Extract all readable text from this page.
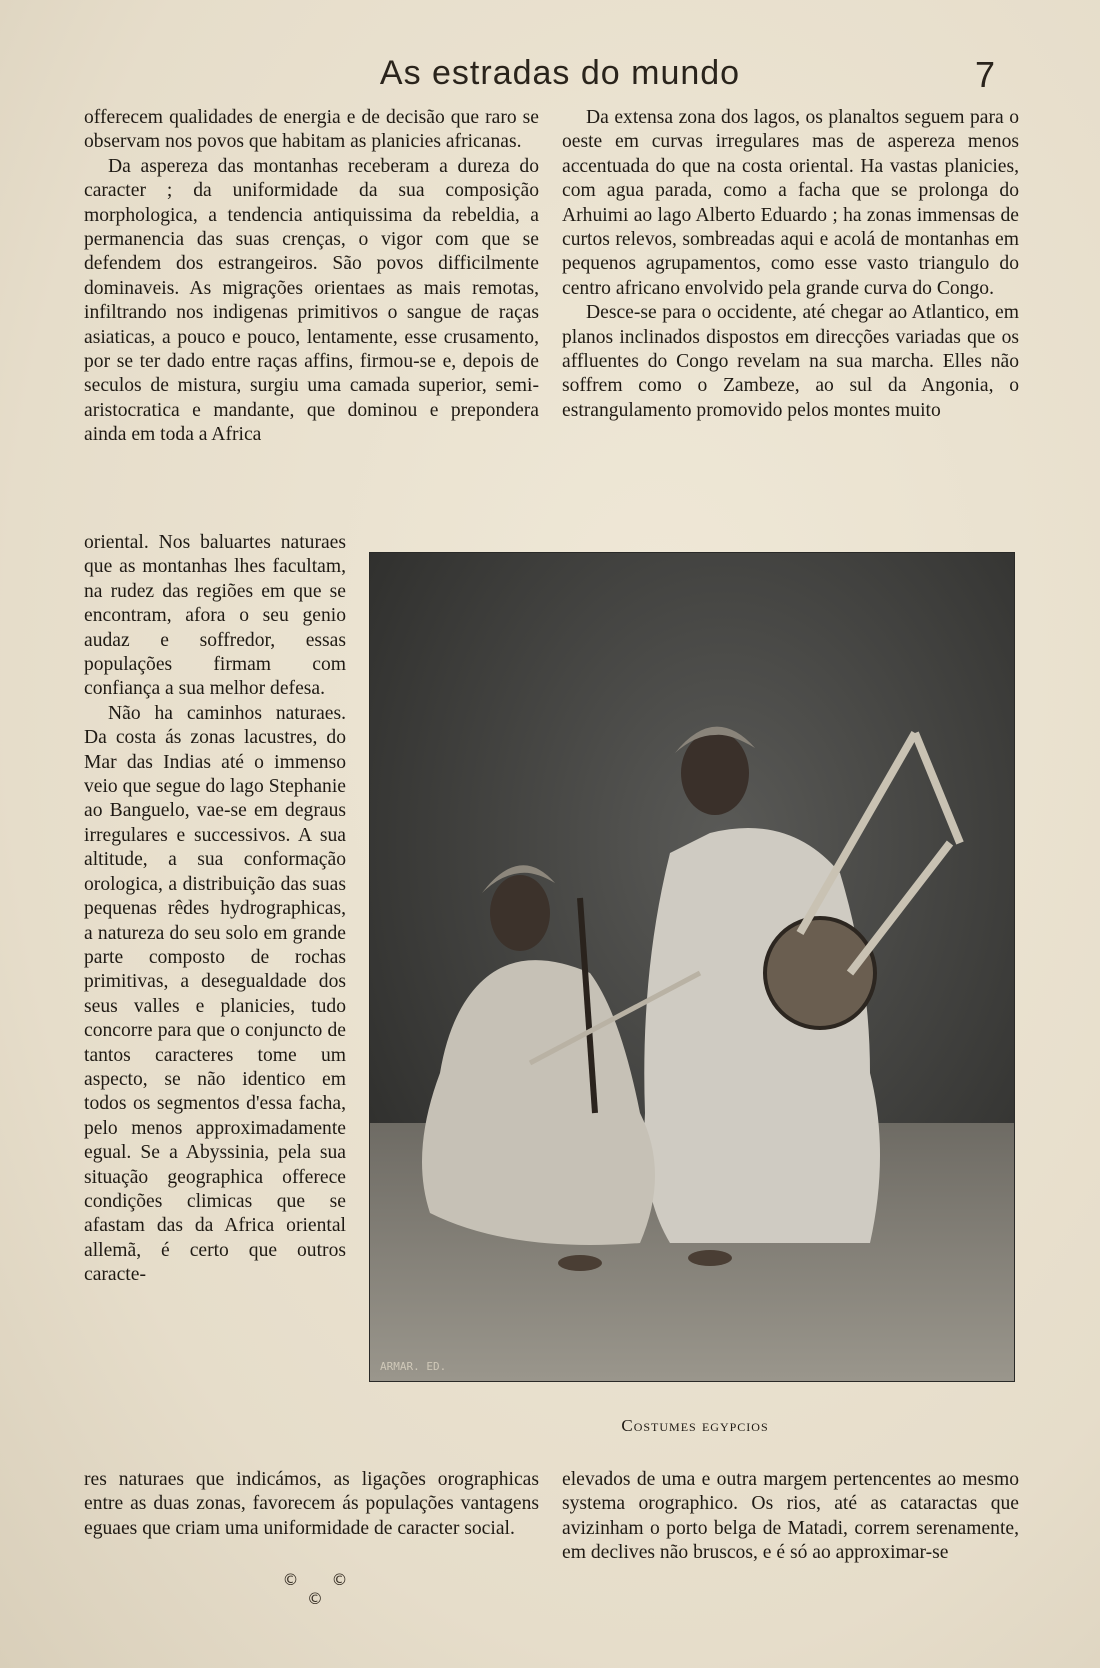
As estradas do mundo	7

offerecem qualidades de energia e de decisão que raro se observam nos povos que habitam as planicies africanas.

Da aspereza das montanhas receberam a dureza do caracter ; da uniformidade da sua composição morphologica, a tendencia antiquissima da rebeldia, a permanencia das suas crenças, o vigor com que se defendem dos estrangeiros. São povos difficilmente dominaveis. As migrações orientaes as mais remotas, infiltrando nos indigenas primitivos o sangue de raças asiaticas, a pouco e pouco, lentamente, esse crusamento, por se ter dado entre raças affins, firmou-se e, depois de seculos de mistura, surgiu uma camada superior, semi-aristocratica e mandante, que dominou e prepondera ainda em toda a Africa

oriental. Nos baluartes naturaes que as montanhas lhes facultam, na rudez das regiões em que se encontram, afora o seu genio audaz e soffredor, essas populações firmam com confiança a sua melhor defesa.

Não ha caminhos naturaes. Da costa ás zonas lacustres, do Mar das Indias até o immenso veio que segue do lago Stephanie ao Banguelo, vae-se em degraus irregulares e successivos. A sua altitude, a sua conformação orologica, a distribuição das suas pequenas rêdes hydrographicas, a natureza do seu solo em grande parte composto de rochas primitivas, a desegualdade dos seus valles e planicies, tudo concorre para que o conjuncto de tantos caracteres tome um aspecto, se não identico em todos os segmentos d'essa facha, pelo menos approximadamente egual. Se a Abyssinia, pela sua situação geographica offerece condições climicas que se afastam das da Africa oriental allemã, é certo que outros caracte-

Da extensa zona dos lagos, os planaltos seguem para o oeste em curvas irregulares mas de aspereza menos accentuada do que na costa oriental. Ha vastas planicies, com agua parada, como a facha que se prolonga do Arhuimi ao lago Alberto Eduardo ; ha zonas immensas de curtos relevos, sombreadas aqui e acolá de montanhas em pequenos agrupamentos, como esse vasto triangulo do centro africano envolvido pela grande curva do Congo.

Desce-se para o occidente, até chegar ao Atlantico, em planos inclinados dispostos em direcções variadas que os affluentes do Congo revelam na sua marcha. Elles não soffrem como o Zambeze, ao sul da Angonia, o estrangulamento promovido pelos montes muito

ARMAR. ED.
Costumes egypcios
res naturaes que indicámos, as ligações orographicas entre as duas zonas, favorecem ás populações vantagens eguaes que criam uma uniformidade de caracter social.
elevados de uma e outra margem pertencentes ao mesmo systema orographico. Os rios, até as cataractas que avizinham o porto belga de Matadi, correm serenamente, em declives não bruscos, e é só ao approximar-se
© © ©
